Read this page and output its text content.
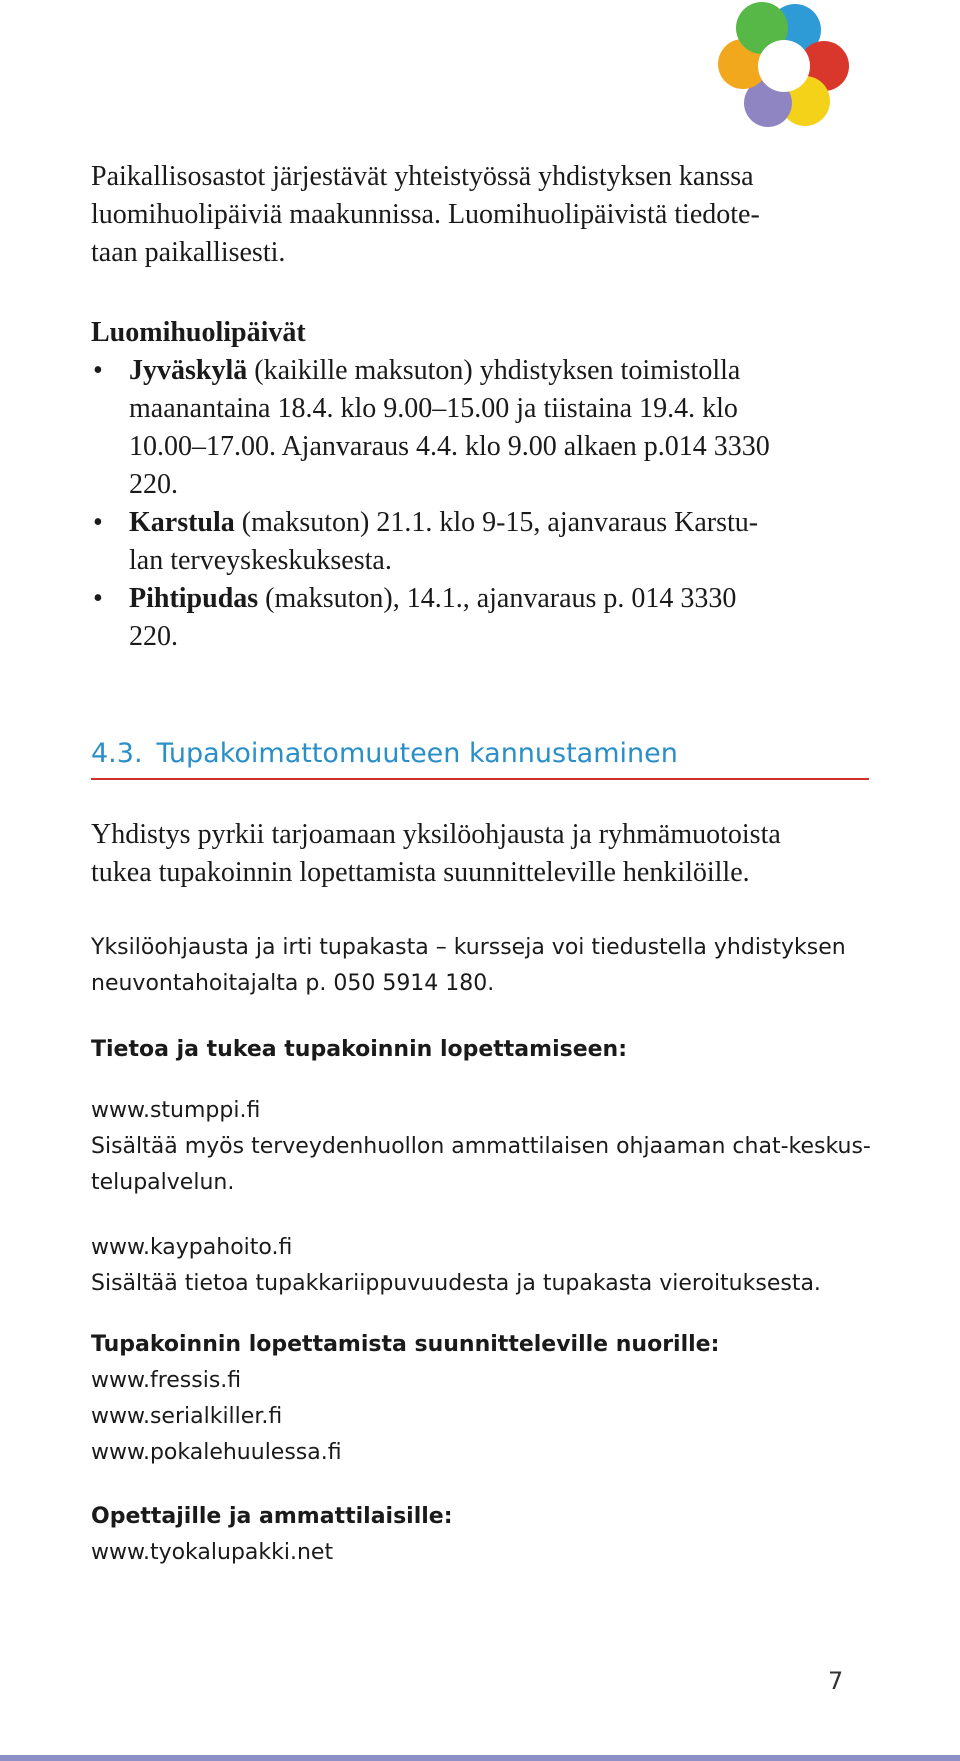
Paikallisosastot järjestävät yhteistyössä yhdistyksen kanssa

luomihuolipäiviä maakunnissa. Luomihuolipäivistä tiedote-

taan paikallisesti.

Luomihuolipäivät
• Jyväskylä (kaikille maksuton) yhdistyksen toimistolla

maanantaina 18.4. klo 9.00–15.00 ja tiistaina 19.4. klo

10.00–17.00. Ajanvaraus 4.4. klo 9.00 alkaen p.014 3330

220.

• Karstula (maksuton) 21.1. klo 9-15, ajanvaraus Karstu-

lan terveyskeskuksesta.

• Pihtipudas (maksuton), 14.1., ajanvaraus p. 014 3330

220.

4.3. Tupakoimattomuuteen kannustaminen

Yhdistys pyrkii tarjoamaan yksilöohjausta ja ryhmämuotoista

tukea tupakoinnin lopettamista suunnitteleville henkilöille.

Yksilöohjausta ja irti tupakasta – kursseja voi tiedustella yhdistyksen

neuvontahoitajalta p. 050 5914 180.

Tietoa ja tukea tupakoinnin lopettamiseen:

www.stumppi.fi

Sisältää myös terveydenhuollon ammattilaisen ohjaaman chat-keskus-

telupalvelun.

www.kaypahoito.fi

Sisältää tietoa tupakkariippuvuudesta ja tupakasta vieroituksesta.

Tupakoinnin lopettamista suunnitteleville nuorille:

www.fressis.fi

www.serialkiller.fi

www.pokalehuulessa.fi

Opettajille ja ammattilaisille:

www.tyokalupakki.net

7
